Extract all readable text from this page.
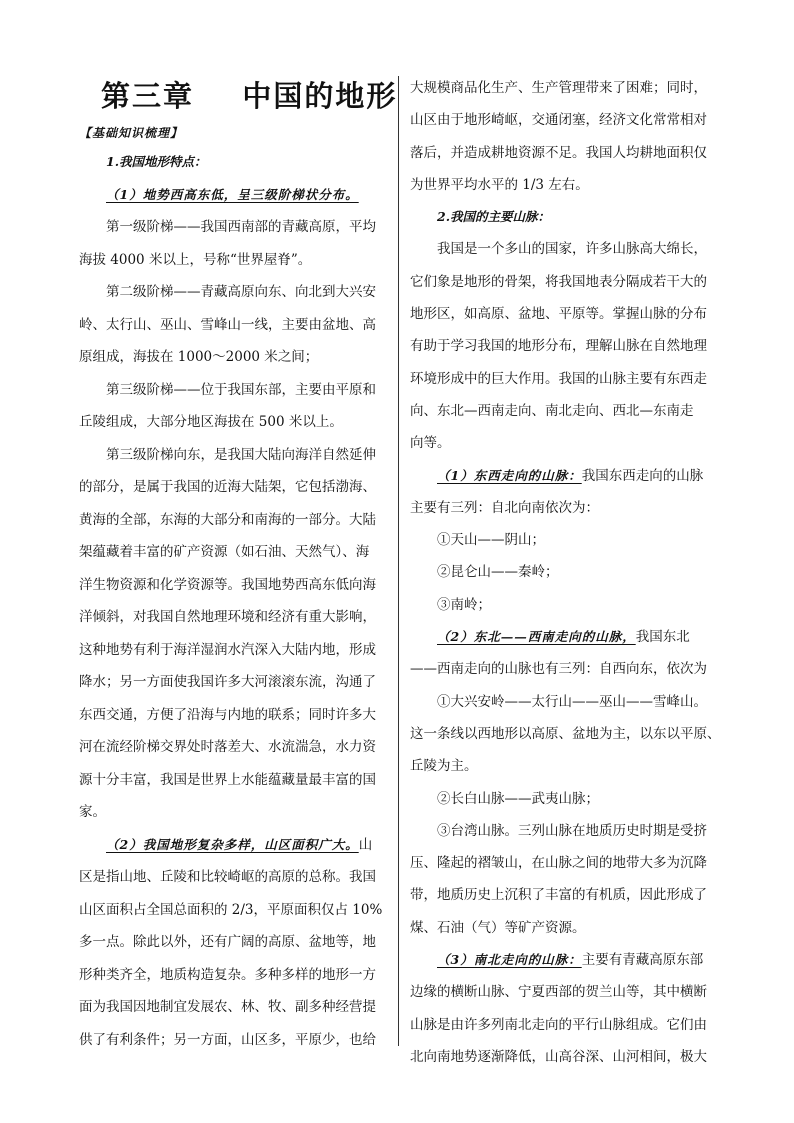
第三章    中国的地形
【基础知识梳理】
1.我国地形特点：
（1）地势西高东低，呈三级阶梯状分布。
第一级阶梯——我国西南部的青藏高原，平均
海拔 4000 米以上，号称“世界屋脊”。
第二级阶梯——青藏高原向东、向北到大兴安
岭、太行山、巫山、雪峰山一线，主要由盆地、高
原组成，海拔在 1000～2000 米之间；
第三级阶梯——位于我国东部，主要由平原和
丘陵组成，大部分地区海拔在 500 米以上。
第三级阶梯向东，是我国大陆向海洋自然延伸
的部分，是属于我国的近海大陆架，它包括渤海、
黄海的全部，东海的大部分和南海的一部分。大陆
架蕴藏着丰富的矿产资源（如石油、天然气）、海
洋生物资源和化学资源等。我国地势西高东低向海
洋倾斜，对我国自然地理环境和经济有重大影响，
这种地势有利于海洋湿润水汽深入大陆内地，形成
降水；另一方面使我国许多大河滚滚东流，沟通了
东西交通，方便了沿海与内地的联系；同时许多大
河在流经阶梯交界处时落差大、水流湍急，水力资
源十分丰富，我国是世界上水能蕴藏量最丰富的国
家。
（2）我国地形复杂多样，山区面积广大。山
区是指山地、丘陵和比较崎岖的高原的总称。我国
山区面积占全国总面积的 2/3，平原面积仅占 10%
多一点。除此以外，还有广阔的高原、盆地等，地
形种类齐全，地质构造复杂。多种多样的地形一方
面为我国因地制宜发展农、林、牧、副多种经营提
供了有利条件；另一方面，山区多，平原少，也给
大规模商品化生产、生产管理带来了困难；同时，
山区由于地形崎岖，交通闭塞，经济文化常常相对
落后，并造成耕地资源不足。我国人均耕地面积仅
为世界平均水平的 1/3 左右。
2.我国的主要山脉：
我国是一个多山的国家，许多山脉高大绵长，
它们象是地形的骨架，将我国地表分隔成若干大的
地形区，如高原、盆地、平原等。掌握山脉的分布
有助于学习我国的地形分布，理解山脉在自然地理
环境形成中的巨大作用。我国的山脉主要有东西走
向、东北—西南走向、南北走向、西北—东南走
向等。
（1）东西走向的山脉：我国东西走向的山脉
主要有三列：自北向南依次为：
①天山——阴山；
②昆仑山——秦岭；
③南岭；
（2）东北——西南走向的山脉，我国东北
——西南走向的山脉也有三列：自西向东，依次为
①大兴安岭——太行山——巫山——雪峰山。
这一条线以西地形以高原、盆地为主，以东以平原、
丘陵为主。
②长白山脉——武夷山脉；
③台湾山脉。三列山脉在地质历史时期是受挤
压、隆起的褶皱山，在山脉之间的地带大多为沉降
带，地质历史上沉积了丰富的有机质，因此形成了
煤、石油（气）等矿产资源。
（3）南北走向的山脉：主要有青藏高原东部
边缘的横断山脉、宁夏西部的贺兰山等，其中横断
山脉是由许多列南北走向的平行山脉组成。它们由
北向南地势逐渐降低，山高谷深、山河相间，极大
